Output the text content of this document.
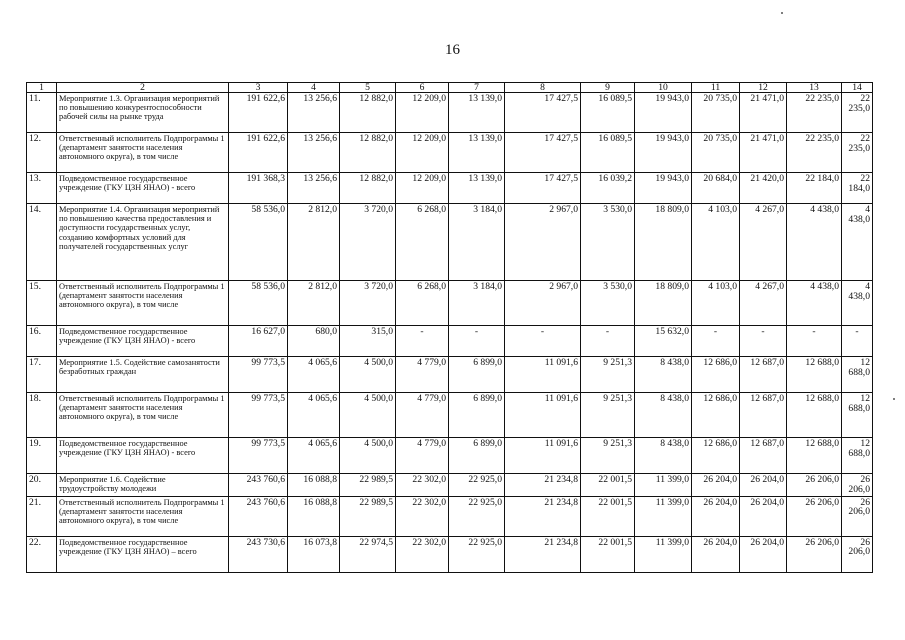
16
1	2	3	4	5	6	7	8	9	10	11	12	13	14
11.	Мероприятие 1.3. Организация мероприятий по повышению конкурентоспособности рабочей силы на рынке труда	191 622,6	13 256,6	12 882,0	12 209,0	13 139,0	17 427,5	16 089,5	19 943,0	20 735,0	21 471,0	22 235,0	22 235,0
12.	Ответственный исполнитель Подпрограммы 1 (департамент занятости населения автономного округа), в том числе	191 622,6	13 256,6	12 882,0	12 209,0	13 139,0	17 427,5	16 089,5	19 943,0	20 735,0	21 471,0	22 235,0	22 235,0
13.	Подведомственное государственное учреждение (ГКУ ЦЗН ЯНАО) - всего	191 368,3	13 256,6	12 882,0	12 209,0	13 139,0	17 427,5	16 039,2	19 943,0	20 684,0	21 420,0	22 184,0	22 184,0
14.	Мероприятие 1.4. Организация мероприятий по повышению качества предоставления и доступности государственных услуг, созданию комфортных условий для получателей государственных услуг	58 536,0	2 812,0	3 720,0	6 268,0	3 184,0	2 967,0	3 530,0	18 809,0	4 103,0	4 267,0	4 438,0	4 438,0
15.	Ответственный исполнитель Подпрограммы 1 (департамент занятости населения автономного округа), в том числе	58 536,0	2 812,0	3 720,0	6 268,0	3 184,0	2 967,0	3 530,0	18 809,0	4 103,0	4 267,0	4 438,0	4 438,0
16.	Подведомственное государственное учреждение (ГКУ ЦЗН ЯНАО) - всего	16 627,0	680,0	315,0	-	-	-	-	15 632,0	-	-	-	-
17.	Мероприятие 1.5. Содействие самозанятости безработных граждан	99 773,5	4 065,6	4 500,0	4 779,0	6 899,0	11 091,6	9 251,3	8 438,0	12 686,0	12 687,0	12 688,0	12 688,0
18.	Ответственный исполнитель Подпрограммы 1 (департамент занятости населения автономного округа), в том числе	99 773,5	4 065,6	4 500,0	4 779,0	6 899,0	11 091,6	9 251,3	8 438,0	12 686,0	12 687,0	12 688,0	12 688,0
19.	Подведомственное государственное учреждение (ГКУ ЦЗН ЯНАО) - всего	99 773,5	4 065,6	4 500,0	4 779,0	6 899,0	11 091,6	9 251,3	8 438,0	12 686,0	12 687,0	12 688,0	12 688,0
20.	Мероприятие 1.6. Содействие трудоустройству молодежи	243 760,6	16 088,8	22 989,5	22 302,0	22 925,0	21 234,8	22 001,5	11 399,0	26 204,0	26 204,0	26 206,0	26 206,0
21.	Ответственный исполнитель Подпрограммы 1 (департамент занятости населения автономного округа), в том числе	243 760,6	16 088,8	22 989,5	22 302,0	22 925,0	21 234,8	22 001,5	11 399,0	26 204,0	26 204,0	26 206,0	26 206,0
22.	Подведомственное государственное учреждение (ГКУ ЦЗН ЯНАО) – всего	243 730,6	16 073,8	22 974,5	22 302,0	22 925,0	21 234,8	22 001,5	11 399,0	26 204,0	26 204,0	26 206,0	26 206,0
